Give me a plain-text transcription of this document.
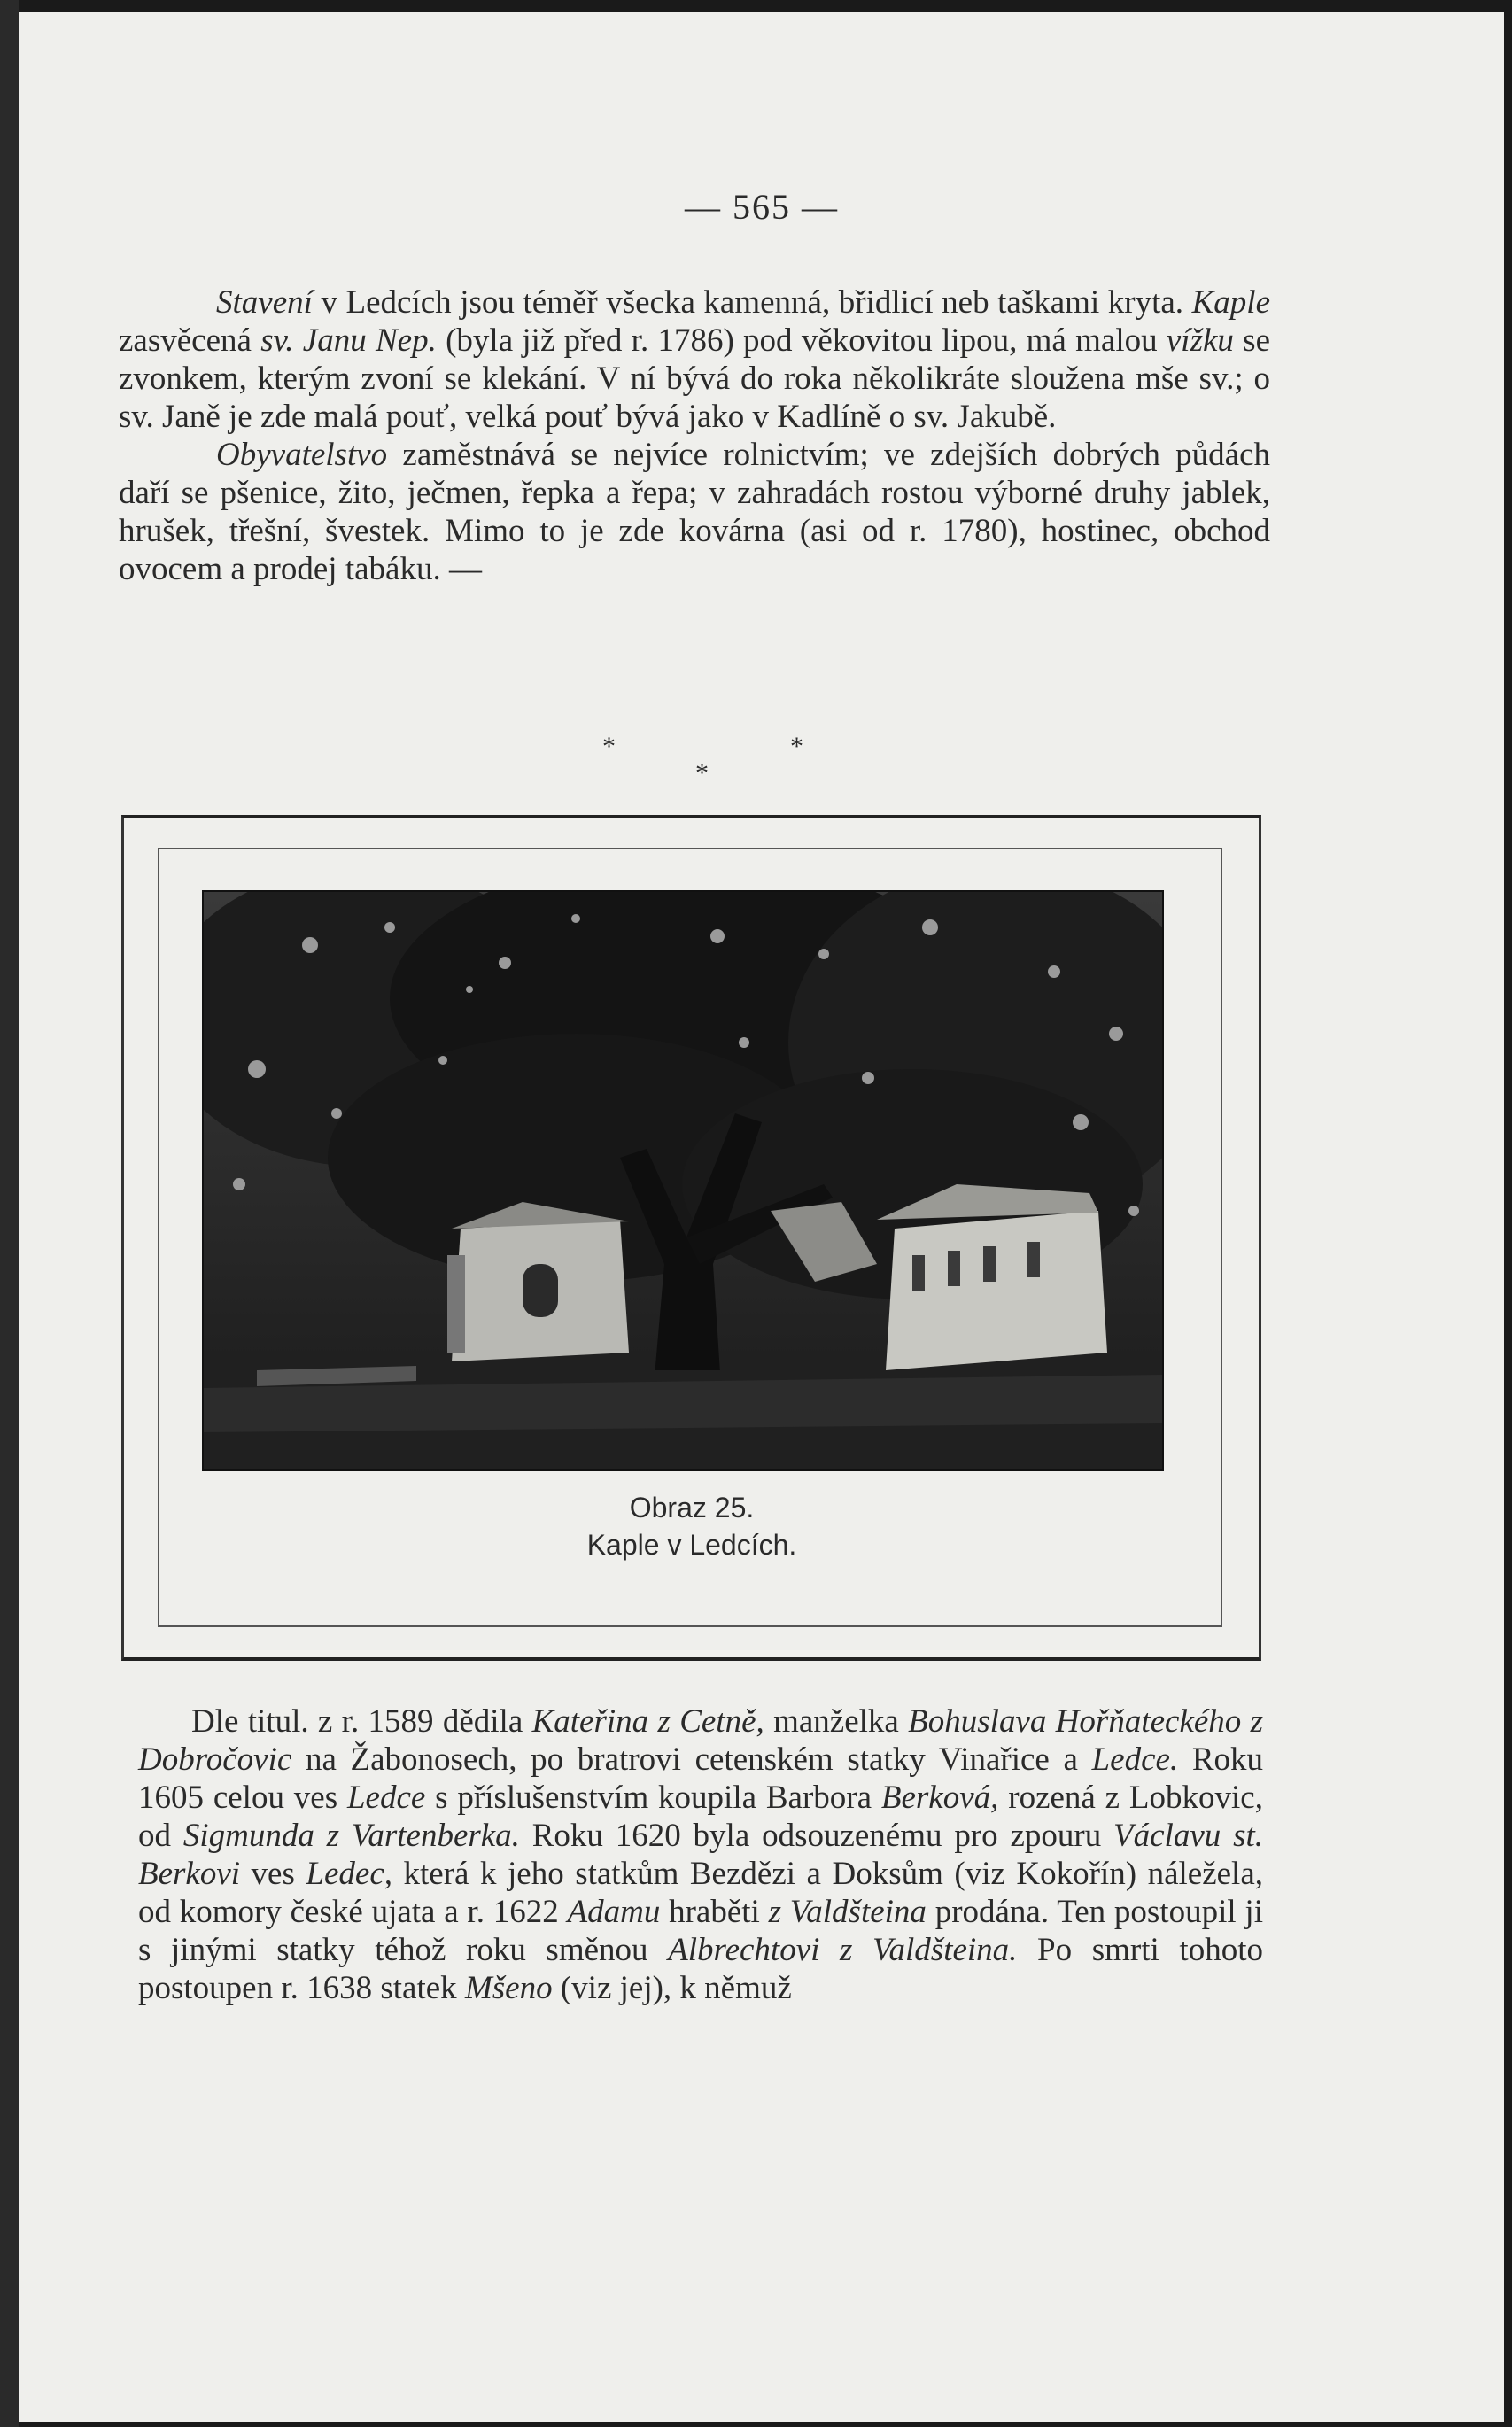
— 565 —

Stavení v Ledcích jsou téměř všecka kamenná, břidlicí neb taškami kryta. Kaple zasvěcená sv. Janu Nep. (byla již před r. 1786) pod věkovitou lipou, má malou vížku se zvonkem, kterým zvoní se klekání. V ní bývá do roka několikráte sloužena mše sv.; o sv. Janě je zde malá pouť, velká pouť bývá jako v Kadlíně o sv. Jakubě.

Obyvatelstvo zaměstnává se nejvíce rolnictvím; ve zdejších dobrých půdách daří se pšenice, žito, ječmen, řepka a řepa; v zahradách rostou výborné druhy jablek, hrušek, třešní, švestek. Mimo to je zde kovárna (asi od r. 1780), hostinec, obchod ovocem a prodej tabáku. —

*
*
*
Obraz 25.
Kaple v Ledcích.

Dle titul. z r. 1589 dědila Kateřina z Cetně, manželka Bohuslava Hořňateckého z Dobročovic na Žabonosech, po bratrovi cetenském statky Vinařice a Ledce. Roku 1605 celou ves Ledce s příslušenstvím koupila Barbora Berková, rozená z Lobkovic, od Sigmunda z Vartenberka. Roku 1620 byla odsouzenému pro zpouru Václavu st. Berkovi ves Ledec, která k jeho statkům Bezdězi a Doksům (viz Kokořín) náležela, od komory české ujata a r. 1622 Adamu hraběti z Valdšteina prodána. Ten postoupil ji s jinými statky téhož roku směnou Albrechtovi z Valdšteina. Po smrti tohoto postoupen r. 1638 statek Mšeno (viz jej), k němuž
